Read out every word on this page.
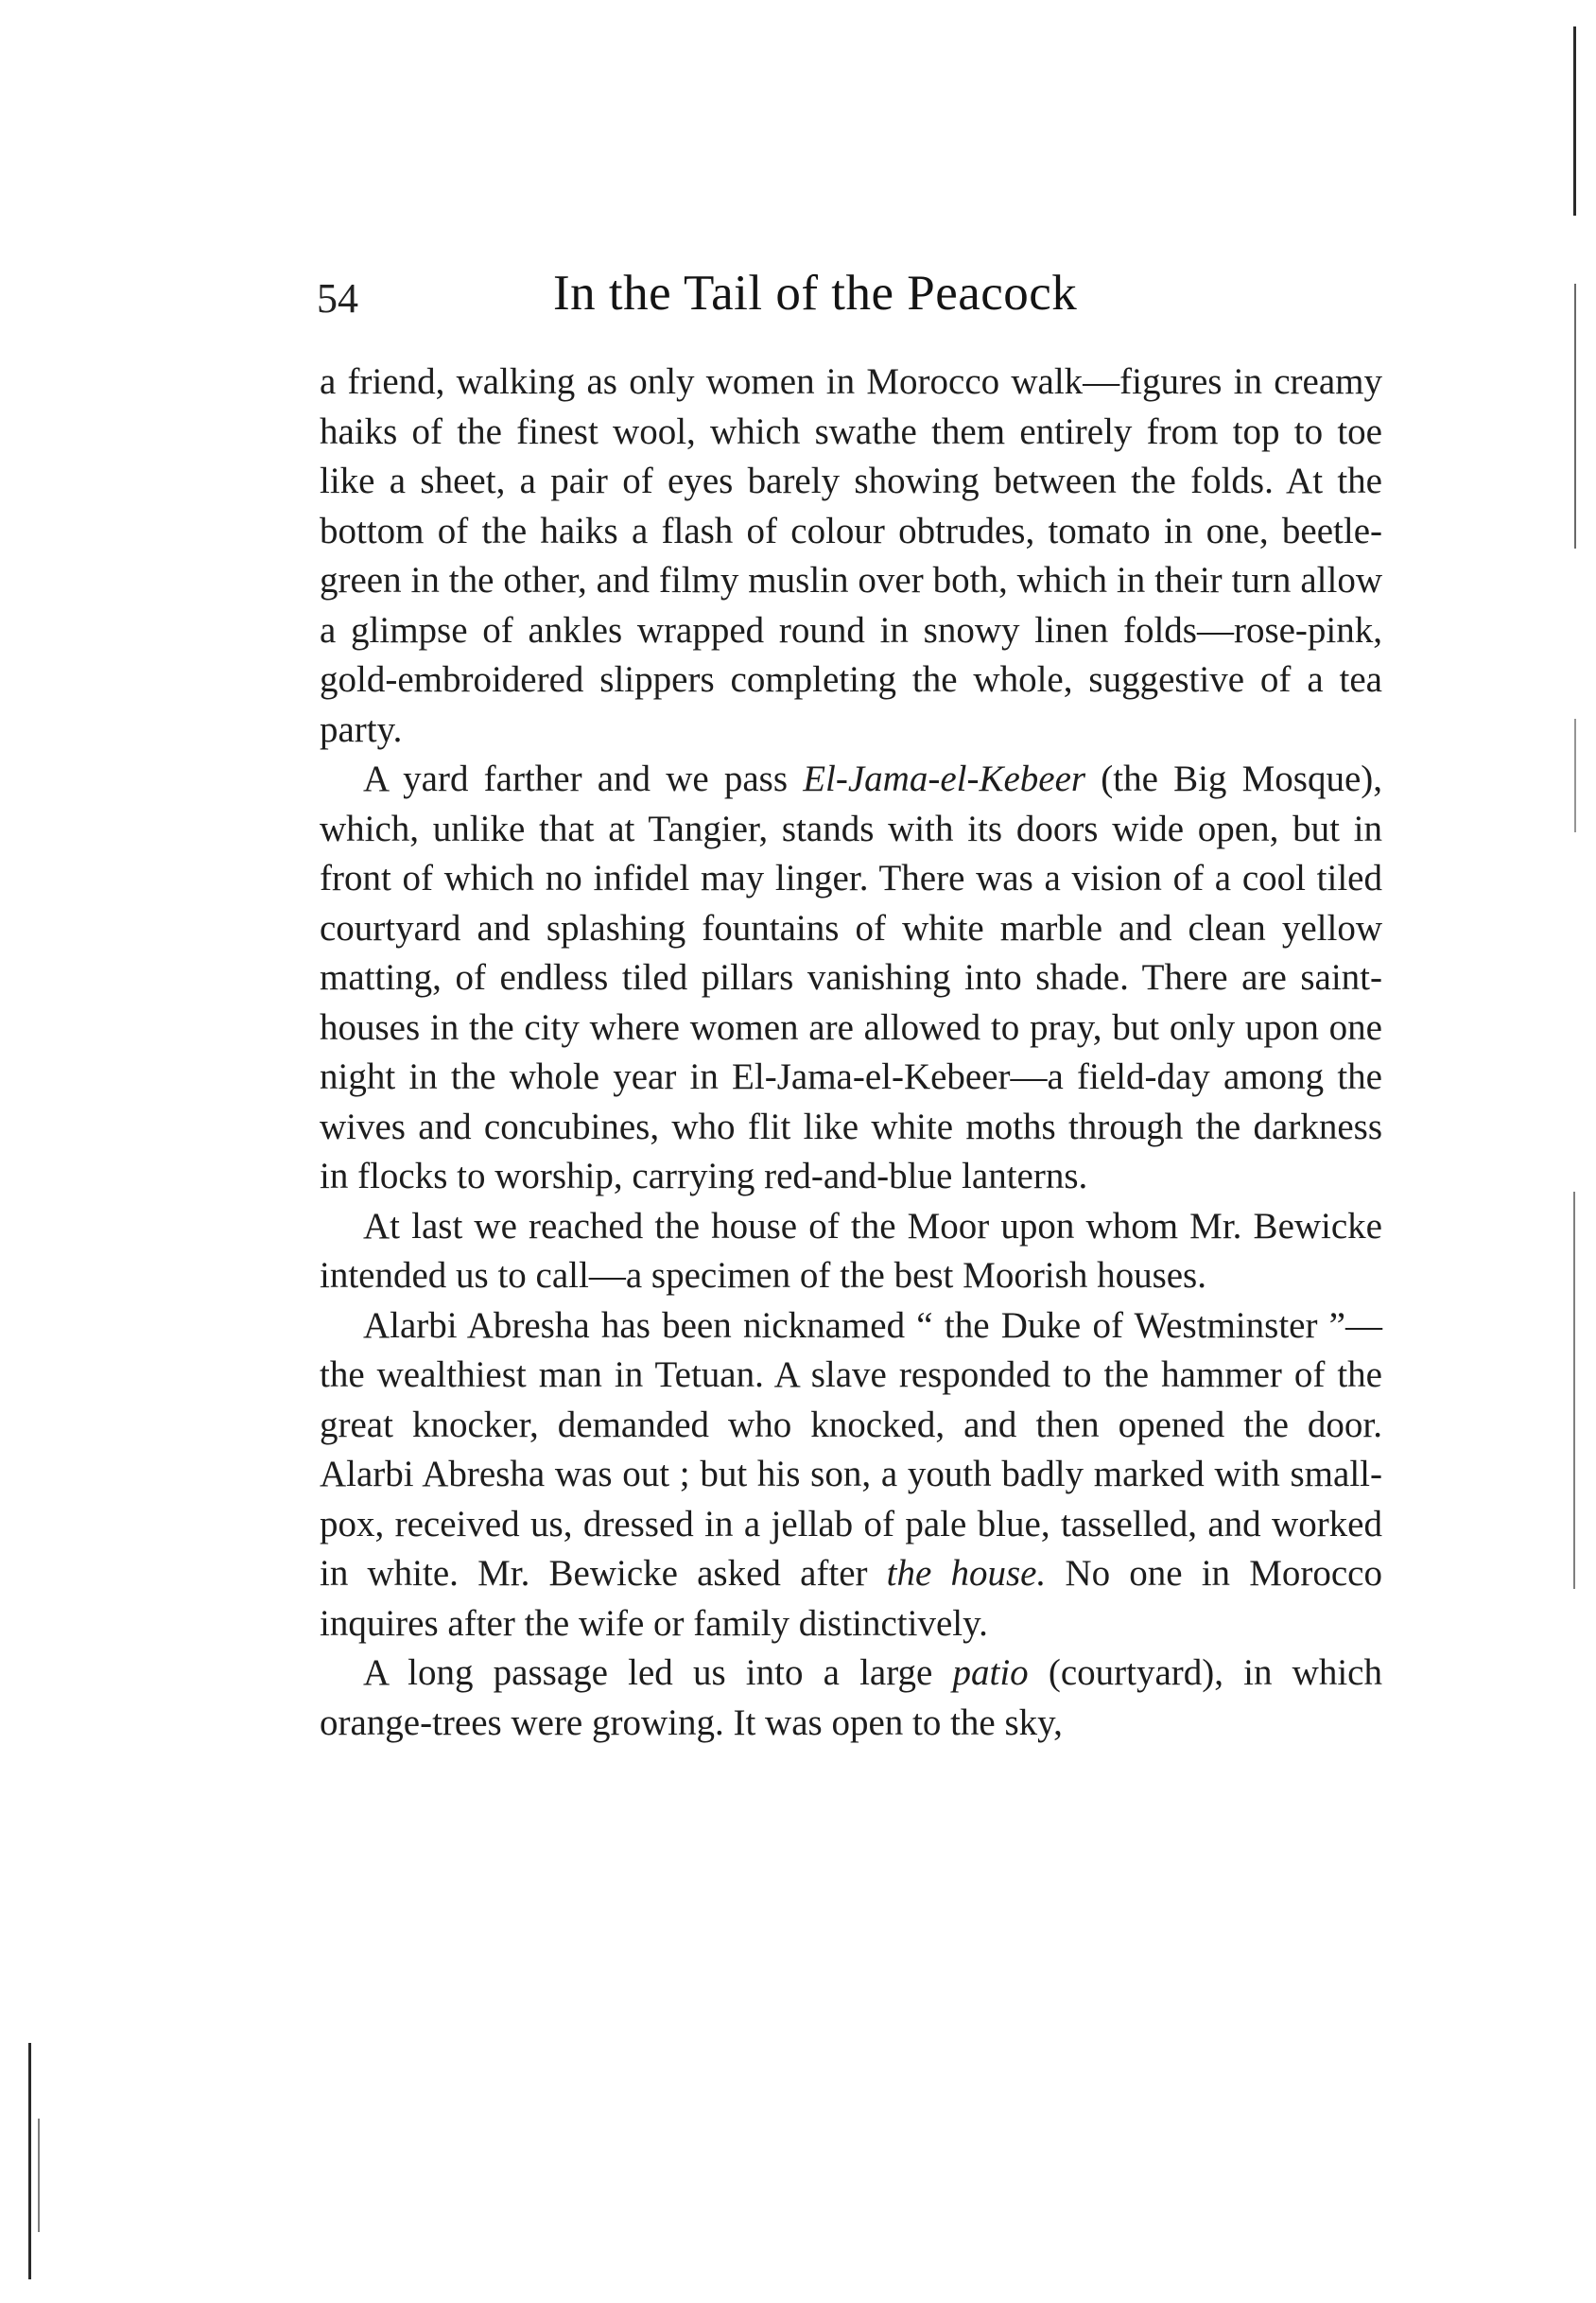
54	In the Tail of the Peacock

a friend, walking as only women in Morocco walk—figures in creamy haiks of the finest wool, which swathe them entirely from top to toe like a sheet, a pair of eyes barely showing between the folds. At the bottom of the haiks a flash of colour obtrudes, tomato in one, beetle-green in the other, and filmy muslin over both, which in their turn allow a glimpse of ankles wrapped round in snowy linen folds—rose-pink, gold-embroidered slippers completing the whole, suggestive of a tea party.

A yard farther and we pass El-Jama-el-Kebeer (the Big Mosque), which, unlike that at Tangier, stands with its doors wide open, but in front of which no infidel may linger. There was a vision of a cool tiled courtyard and splashing fountains of white marble and clean yellow matting, of endless tiled pillars vanishing into shade. There are saint-houses in the city where women are allowed to pray, but only upon one night in the whole year in El-Jama-el-Kebeer—a field-day among the wives and concubines, who flit like white moths through the darkness in flocks to worship, carrying red-and-blue lanterns.

At last we reached the house of the Moor upon whom Mr. Bewicke intended us to call—a specimen of the best Moorish houses.

Alarbi Abresha has been nicknamed “ the Duke of Westminster ”—the wealthiest man in Tetuan. A slave responded to the hammer of the great knocker, demanded who knocked, and then opened the door. Alarbi Abresha was out ; but his son, a youth badly marked with small-pox, received us, dressed in a jellab of pale blue, tasselled, and worked in white. Mr. Bewicke asked after the house. No one in Morocco inquires after the wife or family distinctively.

A long passage led us into a large patio (courtyard), in which orange-trees were growing. It was open to the sky,
